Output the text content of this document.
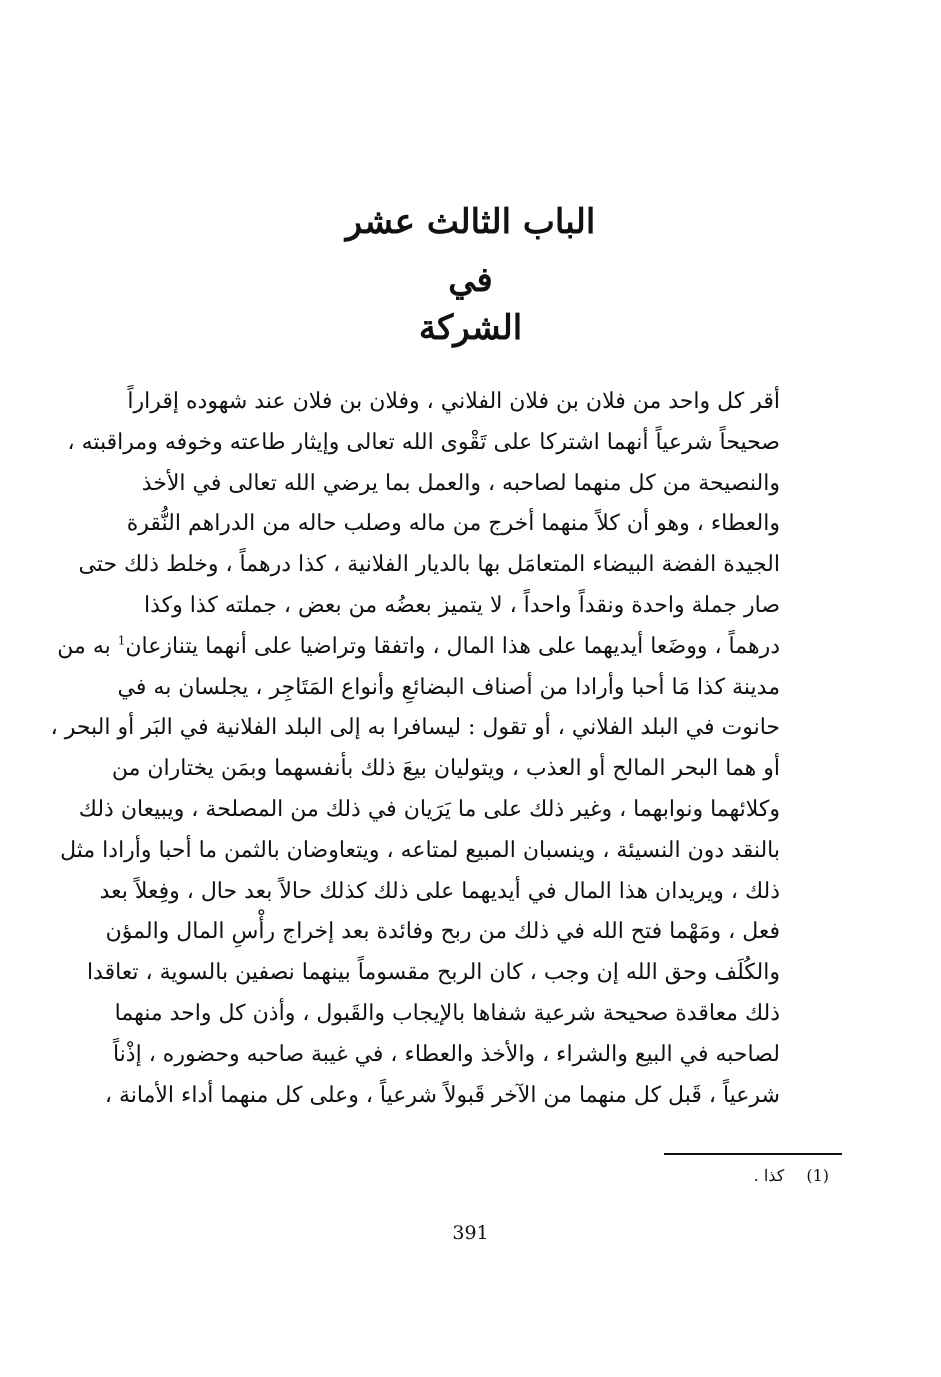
الباب الثالث عشر
في
الشركة
أقر كل واحد من فلان بن فلان الفلاني ، وفلان بن فلان عند شهوده إقراراً
صحيحاً شرعياً أنهما اشتركا على تَقْوى الله تعالى وإيثار طاعته وخوفه ومراقبته ،
والنصيحة من كل منهما لصاحبه ، والعمل بما يرضي الله تعالى في الأخذ
والعطاء ، وهو أن كلاً منهما أخرج من ماله وصلب حاله من الدراهم النُّقرة
الجيدة الفضة البيضاء المتعامَل بها بالديار الفلانية ، كذا درهماً ، وخلط ذلك حتى
صار جملة واحدة ونقداً واحداً ، لا يتميز بعضُه من بعض ، جملته كذا وكذا
درهماً ، ووضَعا أيديهما على هذا المال ، واتفقا وتراضيا على أنهما يتنازعان$^1$ به من
مدينة كذا مَا أحبا وأرادا من أصناف البضائعِ وأنواع المَتَاجِر ، يجلسان به في
حانوت في البلد الفلاني ، أو تقول : ليسافرا به إلى البلد الفلانية في البَر أو البحر ،
أو هما البحر المالح أو العذب ، ويتوليان بيعَ ذلك بأنفسهما وبمَن يختاران من
وكلائهما ونوابهما ، وغير ذلك على ما يَرَيان في ذلك من المصلحة ، ويبيعان ذلك
بالنقد دون النسيئة ، وينسبان المبيع لمتاعه ، ويتعاوضان بالثمن ما أحبا وأرادا مثل
ذلك ، ويريدان هذا المال في أيديهما على ذلك كذلك حالاً بعد حال ، وفِعلاً بعد
فعل ، ومَهْما فتح الله في ذلك من ربح وفائدة بعد إخراج رأْسِ المال والمؤن
والكُلَف وحق الله إن وجب ، كان الربح مقسوماً بينهما نصفين بالسوية ، تعاقدا
ذلك معاقدة صحيحة شرعية شفاها بالإيجاب والقَبول ، وأذن كل واحد منهما
لصاحبه في البيع والشراء ، والأخذ والعطاء ، في غيبة صاحبه وحضوره ، إذْناً
شرعياً ، قَبل كل منهما من الآخر قَبولاً شرعياً ، وعلى كل منهما أداء الأمانة ،
(1)كذا .
391
